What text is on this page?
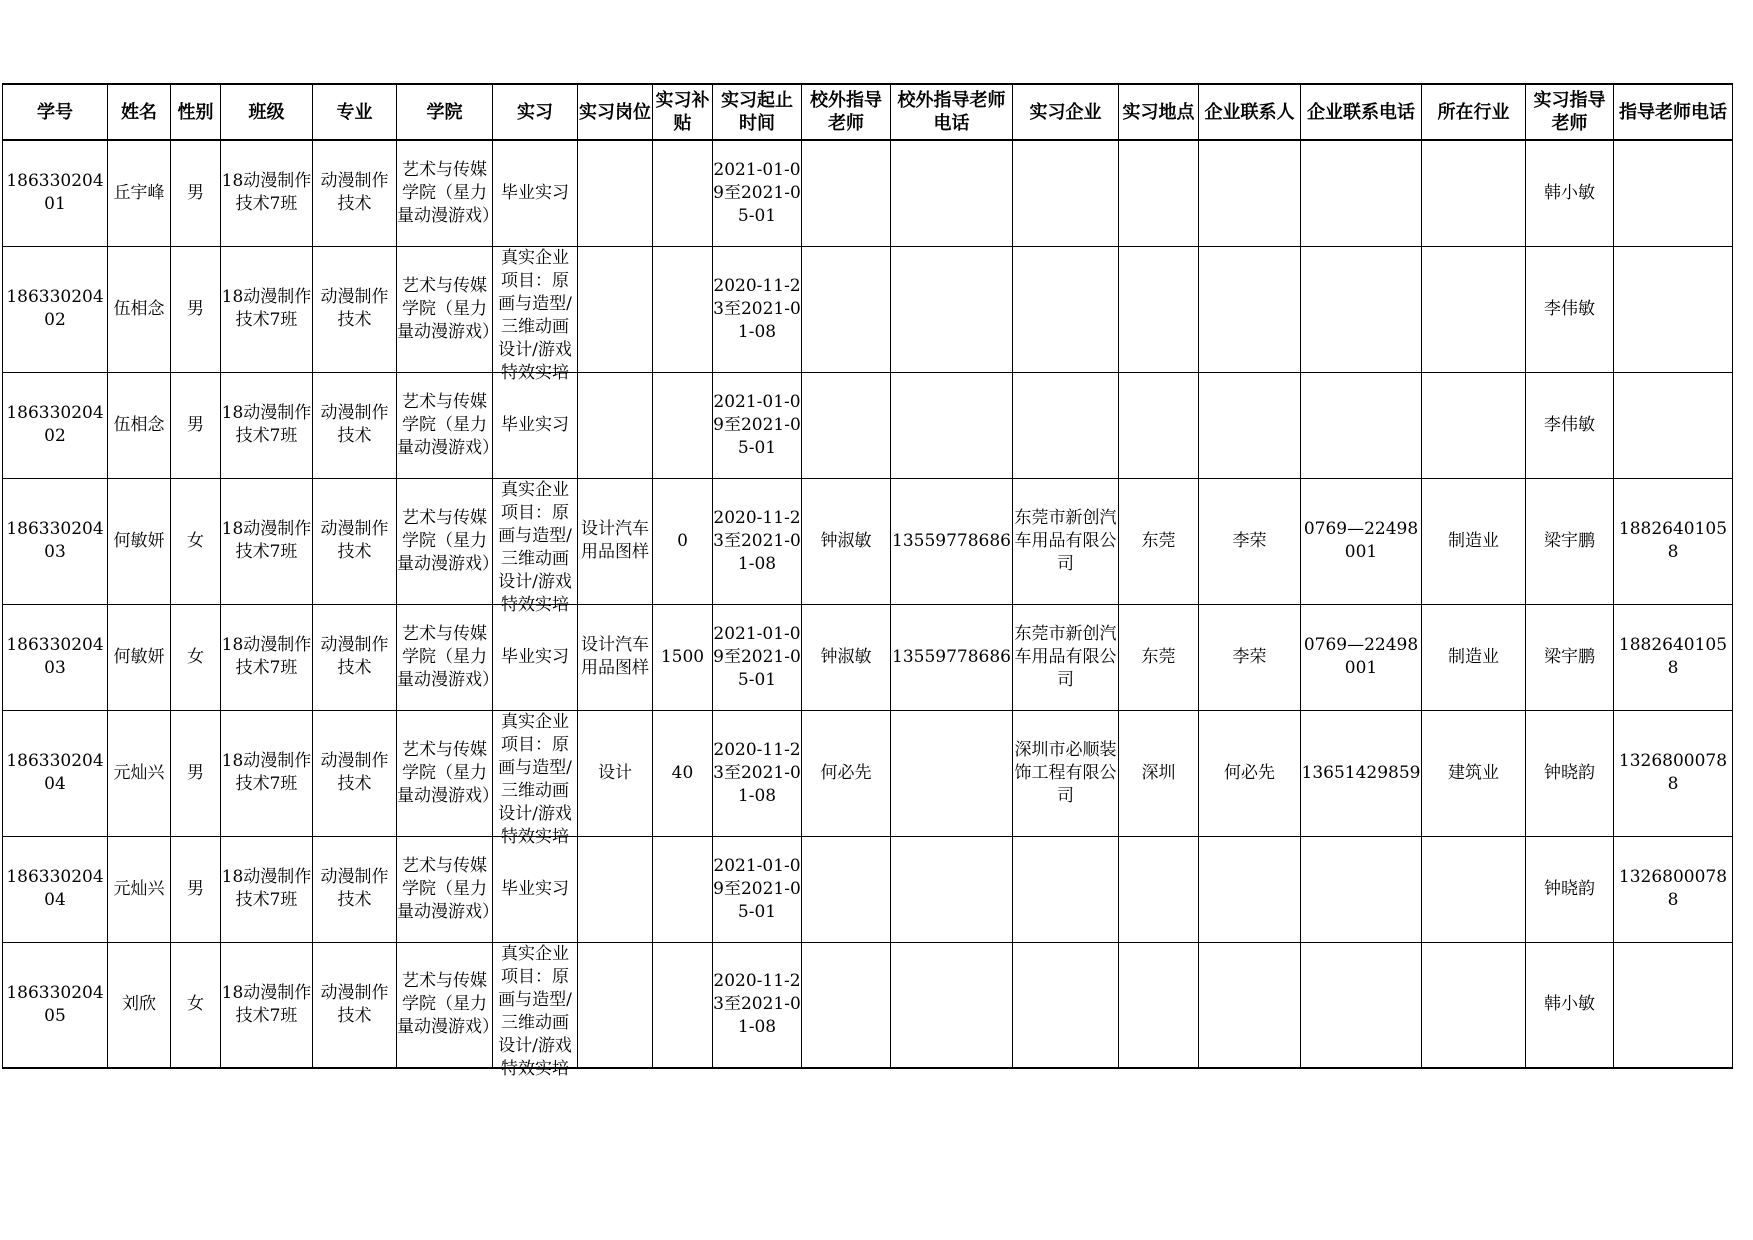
学号	姓名	性别	班级	专业	学院	实习	实习岗位	实习补贴	实习起止时间	校外指导老师	校外指导老师电话	实习企业	实习地点	企业联系人	企业联系电话	所在行业	实习指导老师	指导老师电话

18633020401	丘宇峰	男	18动漫制作技术7班	动漫制作技术	艺术与传媒学院（星力量动漫游戏）	毕业实习			2021-01-09至2021-05-01								韩小敏	

18633020402	伍相念	男	18动漫制作技术7班	动漫制作技术	艺术与传媒学院（星力量动漫游戏）	真实企业项目：原画与造型/三维动画设计/游戏特效实培			2020-11-23至2021-01-08								李伟敏	

18633020402	伍相念	男	18动漫制作技术7班	动漫制作技术	艺术与传媒学院（星力量动漫游戏）	毕业实习			2021-01-09至2021-05-01								李伟敏	

18633020403	何敏妍	女	18动漫制作技术7班	动漫制作技术	艺术与传媒学院（星力量动漫游戏）	真实企业项目：原画与造型/三维动画设计/游戏特效实培	设计汽车用品图样	0	2020-11-23至2021-01-08	钟淑敏	13559778686	东莞市新创汽车用品有限公司	东莞	李荣	0769—22498001	制造业	梁宇鹏	18826401058

18633020403	何敏妍	女	18动漫制作技术7班	动漫制作技术	艺术与传媒学院（星力量动漫游戏）	毕业实习	设计汽车用品图样	1500	2021-01-09至2021-05-01	钟淑敏	13559778686	东莞市新创汽车用品有限公司	东莞	李荣	0769—22498001	制造业	梁宇鹏	18826401058

18633020404	元灿兴	男	18动漫制作技术7班	动漫制作技术	艺术与传媒学院（星力量动漫游戏）	真实企业项目：原画与造型/三维动画设计/游戏特效实培	设计	40	2020-11-23至2021-01-08	何必先		深圳市必顺装饰工程有限公司	深圳	何必先	13651429859	建筑业	钟晓韵	13268000788

18633020404	元灿兴	男	18动漫制作技术7班	动漫制作技术	艺术与传媒学院（星力量动漫游戏）	毕业实习			2021-01-09至2021-05-01								钟晓韵	13268000788

18633020405	刘欣	女	18动漫制作技术7班	动漫制作技术	艺术与传媒学院（星力量动漫游戏）	真实企业项目：原画与造型/三维动画设计/游戏特效实培			2020-11-23至2021-01-08								韩小敏	
